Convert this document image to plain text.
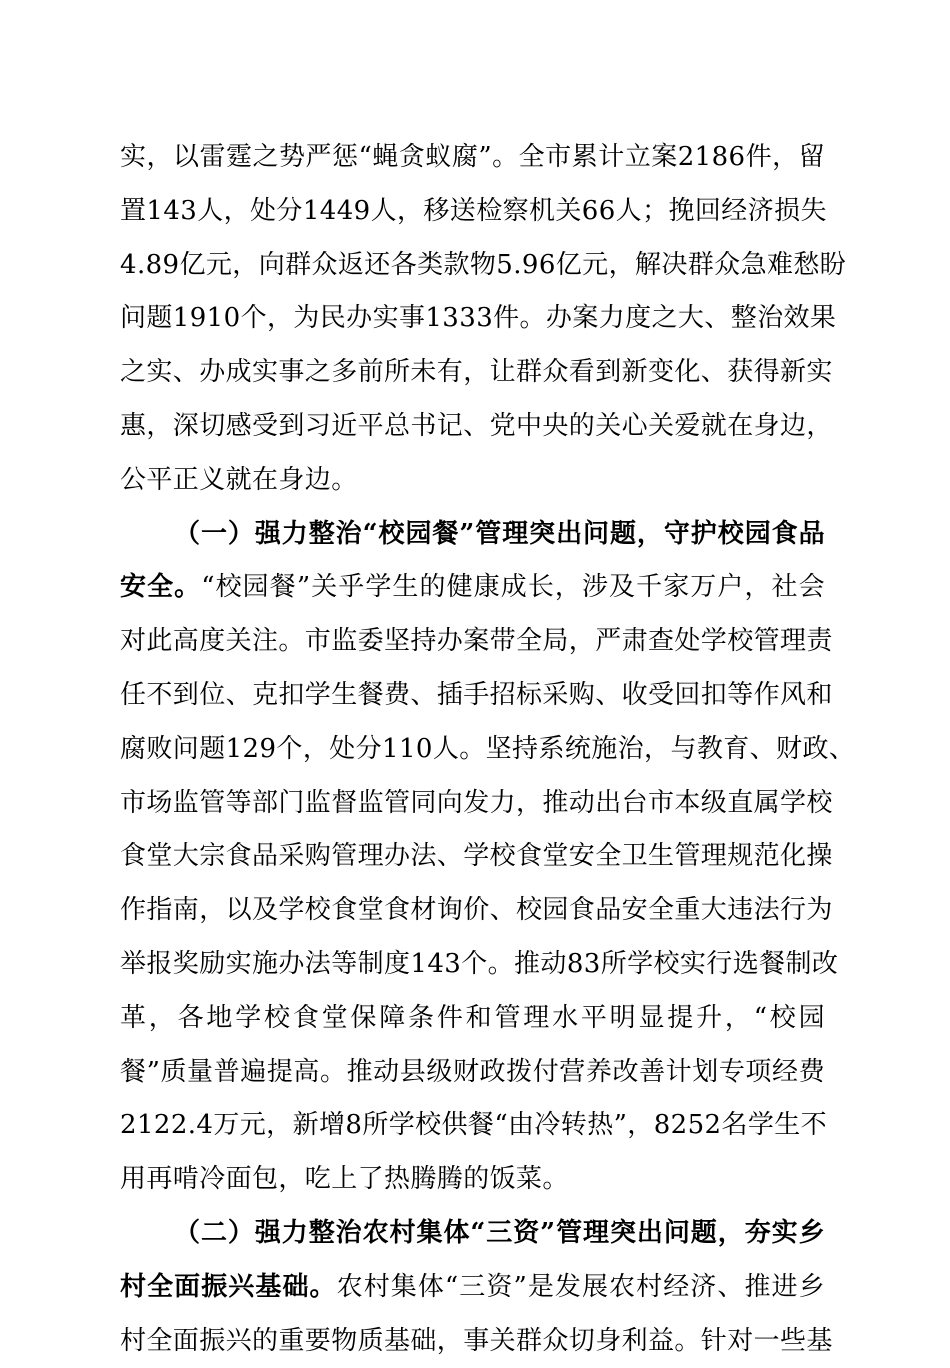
实，以雷霆之势严惩“蝇贪蚁腐”。全市累计立案2186件，留
置143人，处分1449人，移送检察机关66人；挽回经济损失
4.89亿元，向群众返还各类款物5.96亿元，解决群众急难愁盼
问题1910个，为民办实事1333件。办案力度之大、整治效果
之实、办成实事之多前所未有，让群众看到新变化、获得新实
惠，深切感受到习近平总书记、党中央的关心关爱就在身边，
公平正义就在身边。
（一）强力整治“校园餐”管理突出问题，守护校园食品
安全。“校园餐”关乎学生的健康成长，涉及千家万户，社会
对此高度关注。市监委坚持办案带全局，严肃查处学校管理责
任不到位、克扣学生餐费、插手招标采购、收受回扣等作风和
腐败问题129个，处分110人。坚持系统施治，与教育、财政、
市场监管等部门监督监管同向发力，推动出台市本级直属学校
食堂大宗食品采购管理办法、学校食堂安全卫生管理规范化操
作指南，以及学校食堂食材询价、校园食品安全重大违法行为
举报奖励实施办法等制度143个。推动83所学校实行选餐制改
革，各地学校食堂保障条件和管理水平明显提升，“校园
餐”质量普遍提高。推动县级财政拨付营养改善计划专项经费
2122.4万元，新增8所学校供餐“由冷转热”，8252名学生不
用再啃冷面包，吃上了热腾腾的饭菜。
（二）强力整治农村集体“三资”管理突出问题，夯实乡
村全面振兴基础。农村集体“三资”是发展农村经济、推进乡
村全面振兴的重要物质基础，事关群众切身利益。针对一些基
